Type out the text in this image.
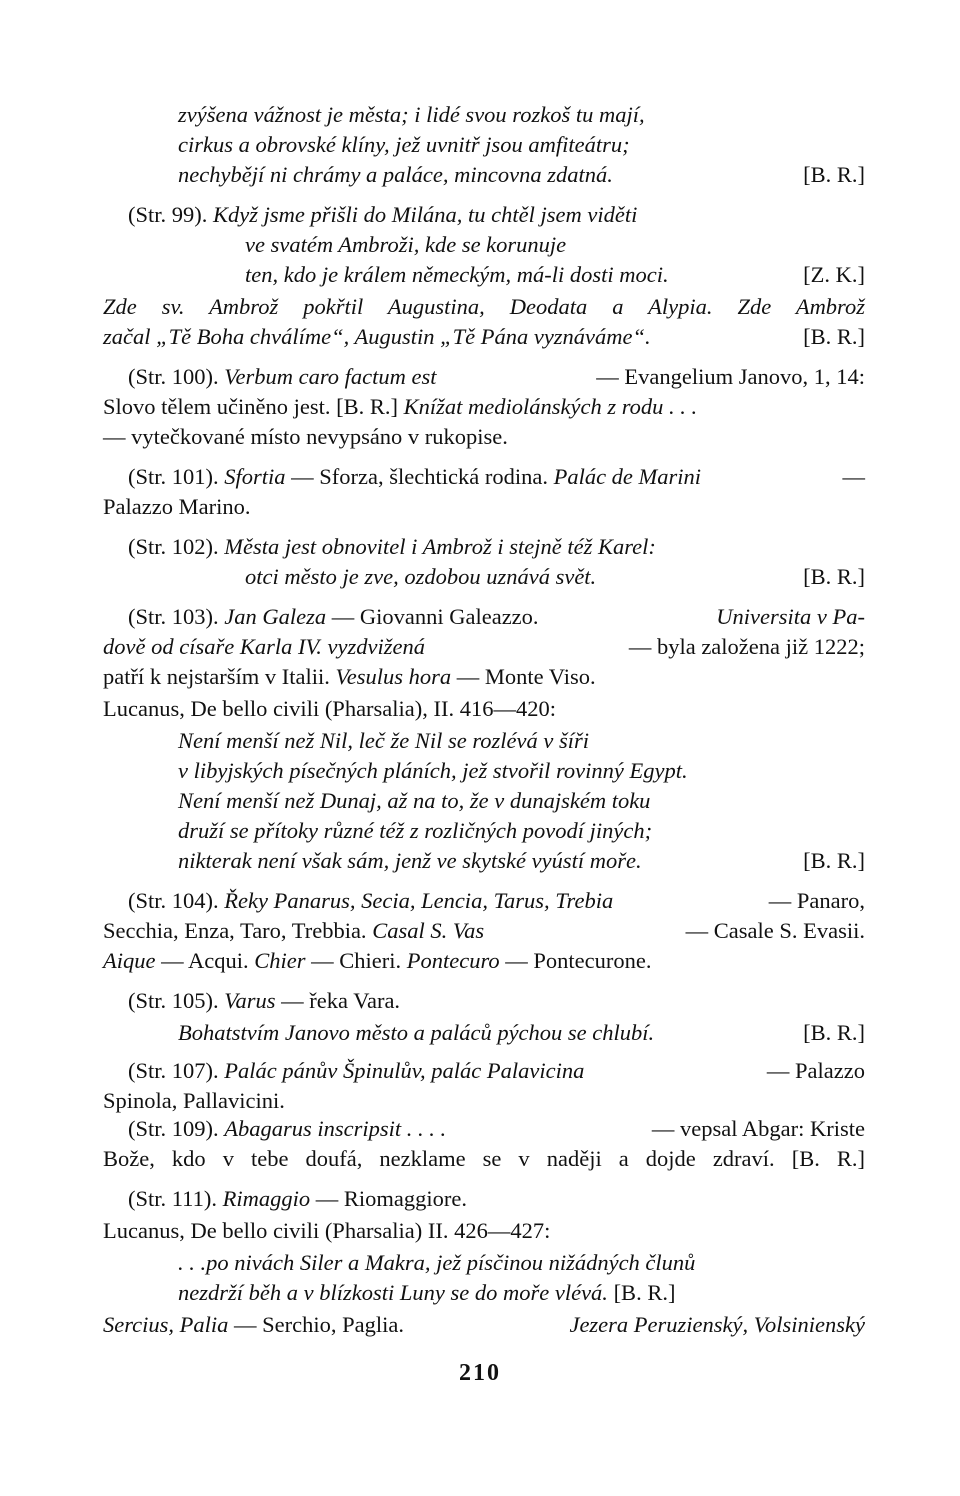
zvýšena vážnost je města; i lidé svou rozkoš tu mají,
cirkus a obrovské klíny, jež uvnitř jsou amfiteátru;
nechybějí ni chrámy a paláce, mincovna zdatná.	[B. R.]
(Str. 99). Když jsme přišli do Milána, tu chtěl jsem viděti
ve svatém Ambroži, kde se korunuje
ten, kdo je králem německým, má-li dosti moci.	[Z. K.]
Zde sv. Ambrož pokřtil Augustina, Deodata a Alypia. Zde Ambrož
začal „Tě Boha chválíme“, Augustin „Tě Pána vyznáváme“.	[B. R.]
(Str. 100). Verbum caro factum est	— Evangelium Janovo, 1, 14:
Slovo tělem učiněno jest. [B. R.] Knížat mediolánských z rodu . . .
— vytečkované místo nevypsáno v rukopise.
(Str. 101). Sfortia — Sforza, šlechtická rodina. Palác de Marini	—
Palazzo Marino.
(Str. 102). Města jest obnovitel i Ambrož i stejně též Karel:
otci město je zve, ozdobou uznává svět.	[B. R.]
(Str. 103). Jan Galeza — Giovanni Galeazzo.	Universita v Pa-
dově od císaře Karla IV. vyzdvižená	— byla založena již 1222;
patří k nejstarším v Italii. Vesulus hora — Monte Viso.
Lucanus, De bello civili (Pharsalia), II. 416—420:
Není menší než Nil, leč že Nil se rozlévá v šíři
v libyjských písečných pláních, jež stvořil rovinný Egypt.
Není menší než Dunaj, až na to, že v dunajském toku
druží se přítoky různé též z rozličných povodí jiných;
nikterak není však sám, jenž ve skytské vyústí moře.	[B. R.]
(Str. 104). Řeky Panarus, Secia, Lencia, Tarus, Trebia	— Panaro,
Secchia, Enza, Taro, Trebbia. Casal S. Vas	— Casale S. Evasii.
Aique — Acqui. Chier — Chieri. Pontecuro — Pontecurone.
(Str. 105). Varus — řeka Vara.
Bohatstvím Janovo město a paláců pýchou se chlubí.	[B. R.]
(Str. 107). Palác pánův Špinulův, palác Palavicina	— Palazzo
Spinola, Pallavicini.
(Str. 109). Abagarus inscripsit . . . .	— vepsal Abgar: Kriste
Bože, kdo v tebe doufá, nezklame se v naději a dojde zdraví. [B. R.]
(Str. 111). Rimaggio — Riomaggiore.
Lucanus, De bello civili (Pharsalia) II. 426—427:
. . .po nivách Siler a Makra, jež písčinou nižádných člunů
nezdrží běh a v blízkosti Luny se do moře vlévá. [B. R.]
Sercius, Palia — Serchio, Paglia.	Jezera Peruzienský, Volsinienský
210
